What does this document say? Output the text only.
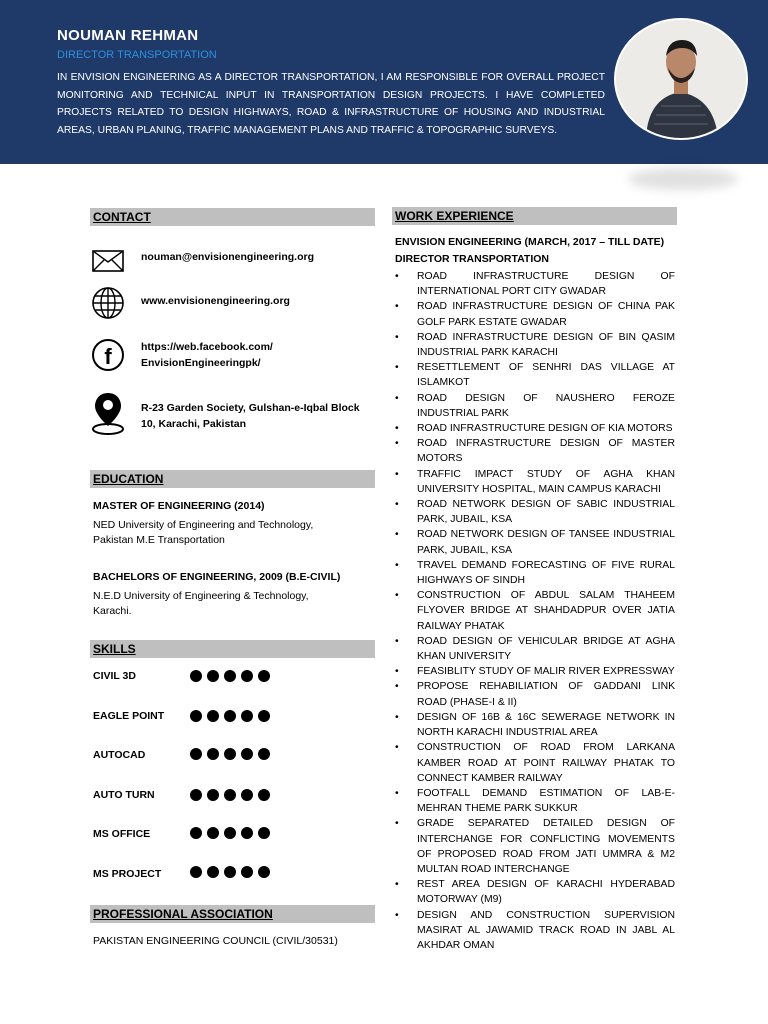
NOUMAN REHMAN
DIRECTOR TRANSPORTATION
IN ENVISION ENGINEERING AS A DIRECTOR TRANSPORTATION, I AM RESPONSIBLE FOR OVERALL PROJECT MONITORING AND TECHNICAL INPUT IN TRANSPORTATION DESIGN PROJECTS. I HAVE COMPLETED PROJECTS RELATED TO DESIGN HIGHWAYS, ROAD & INFRASTRUCTURE OF HOUSING AND INDUSTRIAL AREAS, URBAN PLANING, TRAFFIC MANAGEMENT PLANS AND TRAFFIC & TOPOGRAPHIC SURVEYS.
CONTACT
nouman@envisionengineering.org
www.envisionengineering.org
f	https://web.facebook.com/
EnvisionEngineeringpk/
R-23 Garden Society, Gulshan-e-Iqbal Block
10, Karachi, Pakistan
EDUCATION
MASTER OF ENGINEERING (2014)
NED University of Engineering and Technology,
Pakistan M.E Transportation
BACHELORS OF ENGINEERING, 2009 (B.E-CIVIL)
N.E.D University of Engineering & Technology,
Karachi.
SKILLS
CIVIL 3D
EAGLE POINT
AUTOCAD
AUTO TURN
MS OFFICE
MS PROJECT
PROFESSIONAL ASSOCIATION
PAKISTAN ENGINEERING COUNCIL (CIVIL/30531)
WORK EXPERIENCE
ENVISION ENGINEERING (MARCH, 2017 – TILL DATE)
DIRECTOR TRANSPORTATION
• ROAD INFRASTRUCTURE DESIGN OF INTERNATIONAL PORT CITY GWADAR
• ROAD INFRASTRUCTURE DESIGN OF CHINA PAK GOLF PARK ESTATE GWADAR
• ROAD INFRASTRUCTURE DESIGN OF BIN QASIM INDUSTRIAL PARK KARACHI
• RESETTLEMENT OF SENHRI DAS VILLAGE AT ISLAMKOT
• ROAD DESIGN OF NAUSHERO FEROZE INDUSTRIAL PARK
• ROAD INFRASTRUCTURE DESIGN OF KIA MOTORS
• ROAD INFRASTRUCTURE DESIGN OF MASTER MOTORS
• TRAFFIC IMPACT STUDY OF AGHA KHAN UNIVERSITY HOSPITAL, MAIN CAMPUS KARACHI
• ROAD NETWORK DESIGN OF SABIC INDUSTRIAL PARK, JUBAIL, KSA
• ROAD NETWORK DESIGN OF TANSEE INDUSTRIAL PARK, JUBAIL, KSA
• TRAVEL DEMAND FORECASTING OF FIVE RURAL HIGHWAYS OF SINDH
• CONSTRUCTION OF ABDUL SALAM THAHEEM FLYOVER BRIDGE AT SHAHDADPUR OVER JATIA RAILWAY PHATAK
• ROAD DESIGN OF VEHICULAR BRIDGE AT AGHA KHAN UNIVERSITY
• FEASIBLITY STUDY OF MALIR RIVER EXPRESSWAY
• PROPOSE REHABILIATION OF GADDANI LINK ROAD (PHASE-I & II)
• DESIGN OF 16B & 16C SEWERAGE NETWORK IN NORTH KARACHI INDUSTRIAL AREA
• CONSTRUCTION OF ROAD FROM LARKANA KAMBER ROAD AT POINT RAILWAY PHATAK TO CONNECT KAMBER RAILWAY
• FOOTFALL DEMAND ESTIMATION OF LAB-E-MEHRAN THEME PARK SUKKUR
• GRADE SEPARATED DETAILED DESIGN OF INTERCHANGE FOR CONFLICTING MOVEMENTS OF PROPOSED ROAD FROM JATI UMMRA & M2 MULTAN ROAD INTERCHANGE
• REST AREA DESIGN OF KARACHI HYDERABAD MOTORWAY (M9)
• DESIGN AND CONSTRUCTION SUPERVISION MASIRAT AL JAWAMID TRACK ROAD IN JABL AL AKHDAR OMAN
